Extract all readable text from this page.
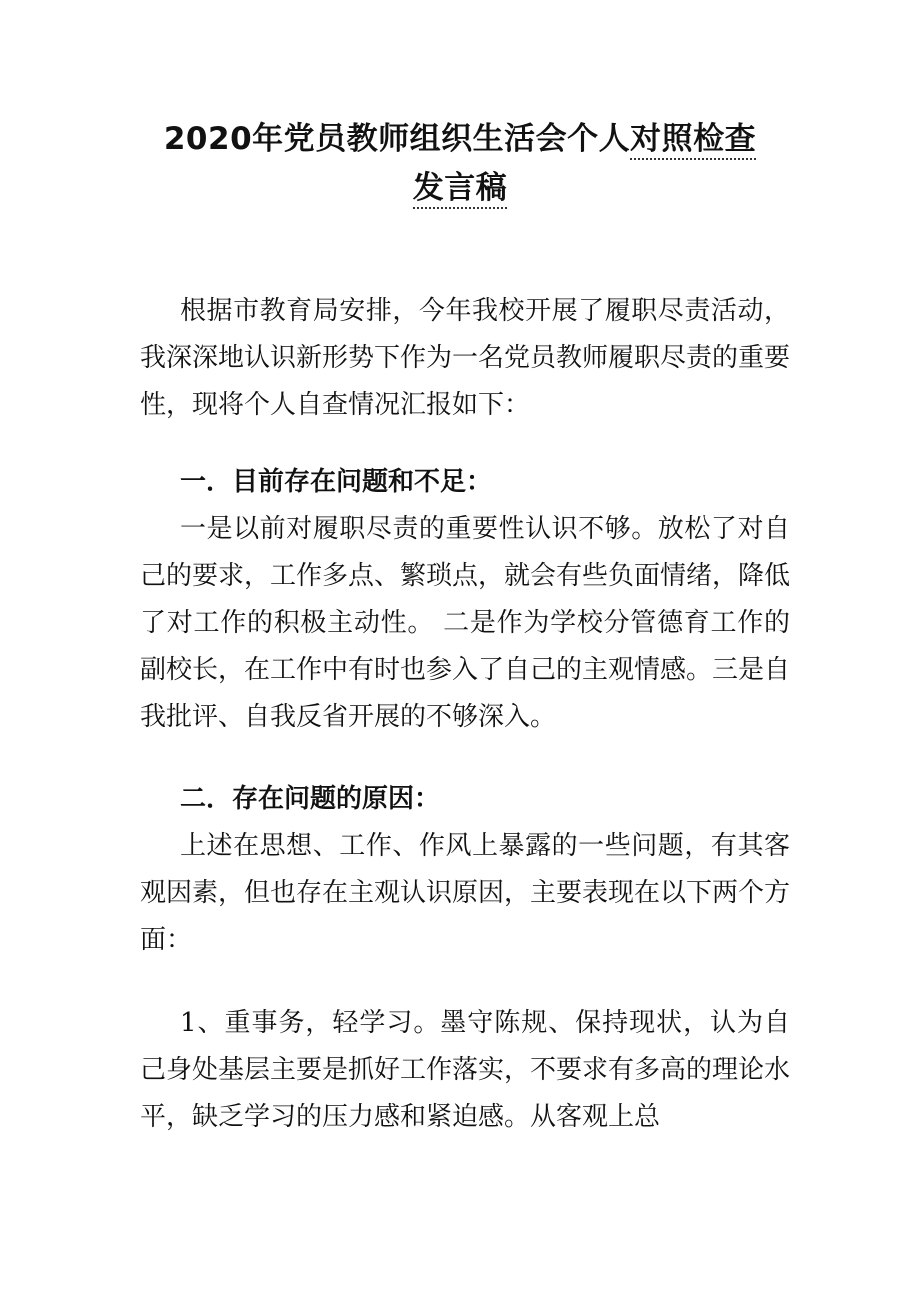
2020年党员教师组织生活会个人对照检查
发言稿

根据市教育局安排，今年我校开展了履职尽责活动，我深深地认识新形势下作为一名党员教师履职尽责的重要性，现将个人自查情况汇报如下：

一．目前存在问题和不足：

一是以前对履职尽责的重要性认识不够。放松了对自己的要求，工作多点、繁琐点，就会有些负面情绪，降低了对工作的积极主动性。 二是作为学校分管德育工作的副校长，在工作中有时也参入了自己的主观情感。三是自我批评、自我反省开展的不够深入。

二．存在问题的原因：

上述在思想、工作、作风上暴露的一些问题，有其客观因素，但也存在主观认识原因，主要表现在以下两个方面：

1、重事务，轻学习。墨守陈规、保持现状，认为自己身处基层主要是抓好工作落实，不要求有多高的理论水平，缺乏学习的压力感和紧迫感。从客观上总
